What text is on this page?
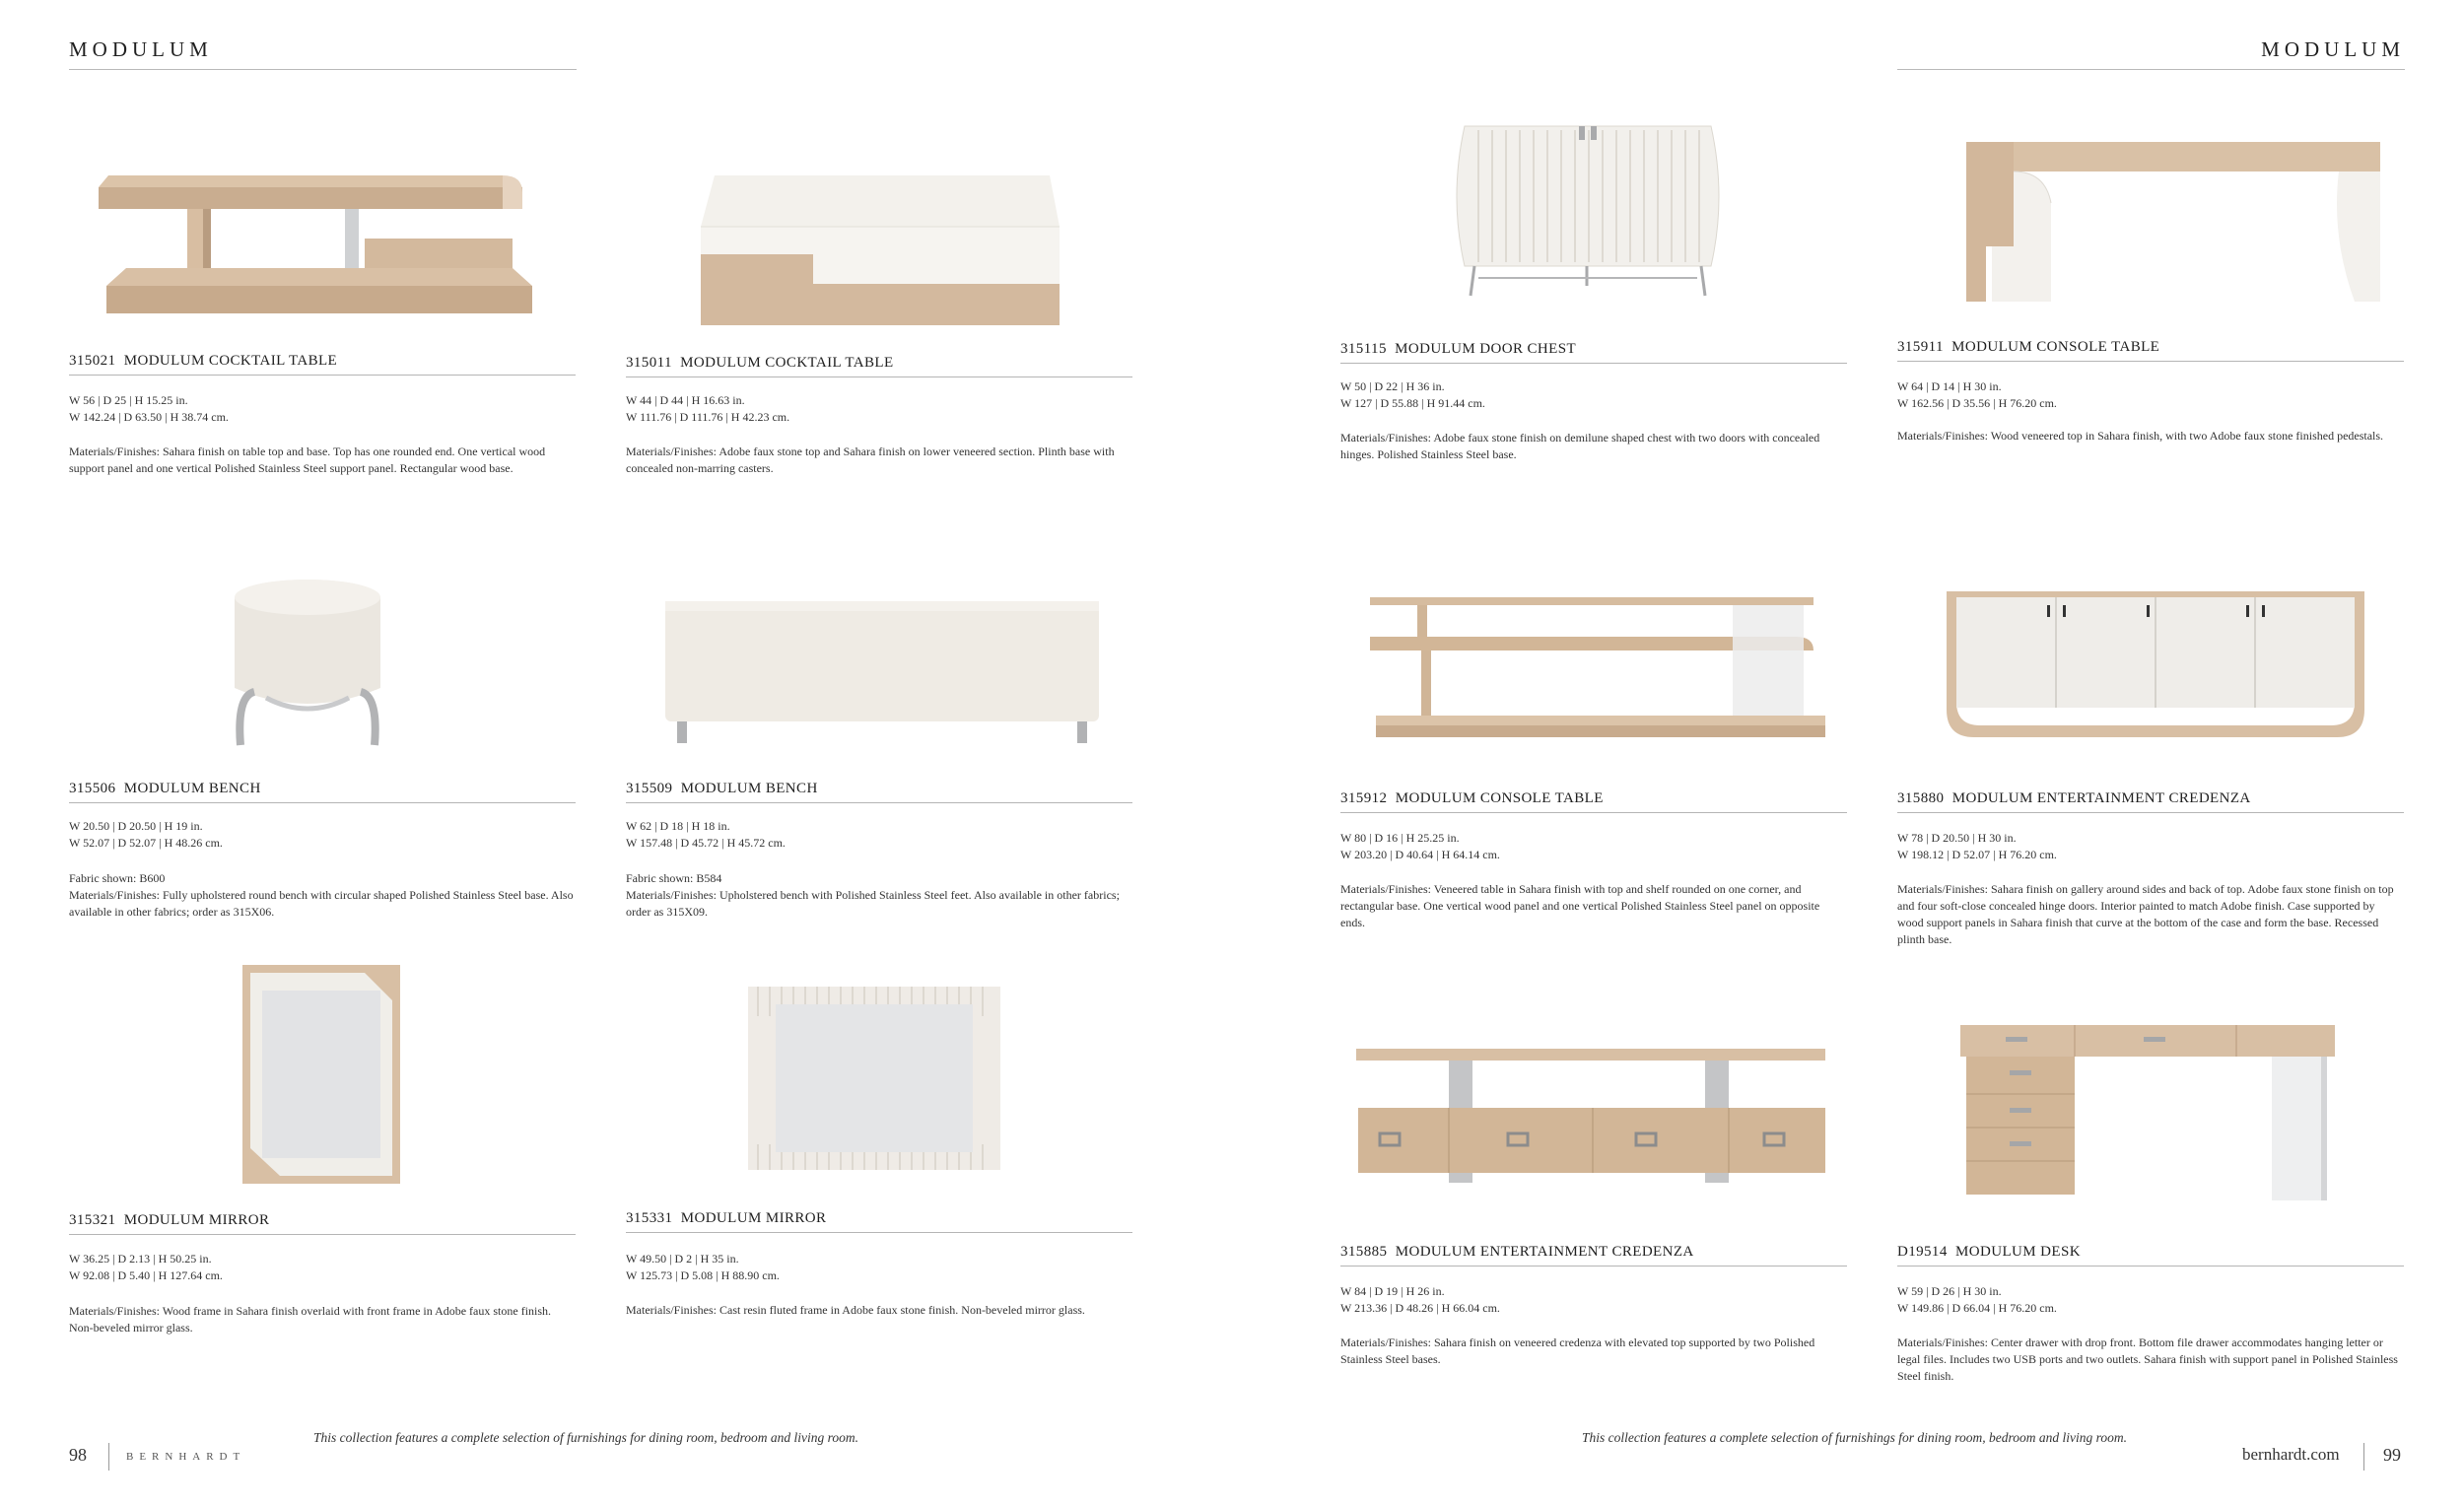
MODULUM	MODULUM
315021 MODULUM COCKTAIL TABLE
W 56 | D 25 | H 15.25 in.
W 142.24 | D 63.50 | H 38.74 cm.
Materials/Finishes: Sahara finish on table top and base. Top has one rounded end. One vertical wood support panel and one vertical Polished Stainless Steel support panel. Rectangular wood base.
315011 MODULUM COCKTAIL TABLE
W 44 | D 44 | H 16.63 in.
W 111.76 | D 111.76 | H 42.23 cm.
Materials/Finishes: Adobe faux stone top and Sahara finish on lower veneered section. Plinth base with concealed non-marring casters.
315115 MODULUM DOOR CHEST
W 50 | D 22 | H 36 in.
W 127 | D 55.88 | H 91.44 cm.
Materials/Finishes: Adobe faux stone finish on demilune shaped chest with two doors with concealed hinges. Polished Stainless Steel base.
315911 MODULUM CONSOLE TABLE
W 64 | D 14 | H 30 in.
W 162.56 | D 35.56 | H 76.20 cm.
Materials/Finishes: Wood veneered top in Sahara finish, with two Adobe faux stone finished pedestals.
315506 MODULUM BENCH
W 20.50 | D 20.50 | H 19 in.
W 52.07 | D 52.07 | H 48.26 cm.
Fabric shown: B600
Materials/Finishes: Fully upholstered round bench with circular shaped Polished Stainless Steel base. Also available in other fabrics; order as 315X06.
315509 MODULUM BENCH
W 62 | D 18 | H 18 in.
W 157.48 | D 45.72 | H 45.72 cm.
Fabric shown: B584
Materials/Finishes: Upholstered bench with Polished Stainless Steel feet. Also available in other fabrics; order as 315X09.
315912 MODULUM CONSOLE TABLE
W 80 | D 16 | H 25.25 in.
W 203.20 | D 40.64 | H 64.14 cm.
Materials/Finishes: Veneered table in Sahara finish with top and shelf rounded on one corner, and rectangular base. One vertical wood panel and one vertical Polished Stainless Steel panel on opposite ends.
315880 MODULUM ENTERTAINMENT CREDENZA
W 78 | D 20.50 | H 30 in.
W 198.12 | D 52.07 | H 76.20 cm.
Materials/Finishes: Sahara finish on gallery around sides and back of top. Adobe faux stone finish on top and four soft-close concealed hinge doors. Interior painted to match Adobe finish. Case supported by wood support panels in Sahara finish that curve at the bottom of the case and form the base. Recessed plinth base.
315321 MODULUM MIRROR
W 36.25 | D 2.13 | H 50.25 in.
W 92.08 | D 5.40 | H 127.64 cm.
Materials/Finishes: Wood frame in Sahara finish overlaid with front frame in Adobe faux stone finish. Non-beveled mirror glass.
315331 MODULUM MIRROR
W 49.50 | D 2 | H 35 in.
W 125.73 | D 5.08 | H 88.90 cm.
Materials/Finishes: Cast resin fluted frame in Adobe faux stone finish. Non-beveled mirror glass.
315885 MODULUM ENTERTAINMENT CREDENZA
W 84 | D 19 | H 26 in.
W 213.36 | D 48.26 | H 66.04 cm.
Materials/Finishes: Sahara finish on veneered credenza with elevated top supported by two Polished Stainless Steel bases.
D19514 MODULUM DESK
W 59 | D 26 | H 30 in.
W 149.86 | D 66.04 | H 76.20 cm.
Materials/Finishes: Center drawer with drop front. Bottom file drawer accommodates hanging letter or legal files. Includes two USB ports and two outlets. Sahara finish with support panel in Polished Stainless Steel finish.
98	BERNHARDT
This collection features a complete selection of furnishings for dining room, bedroom and living room.	This collection features a complete selection of furnishings for dining room, bedroom and living room.
bernhardt.com 99
